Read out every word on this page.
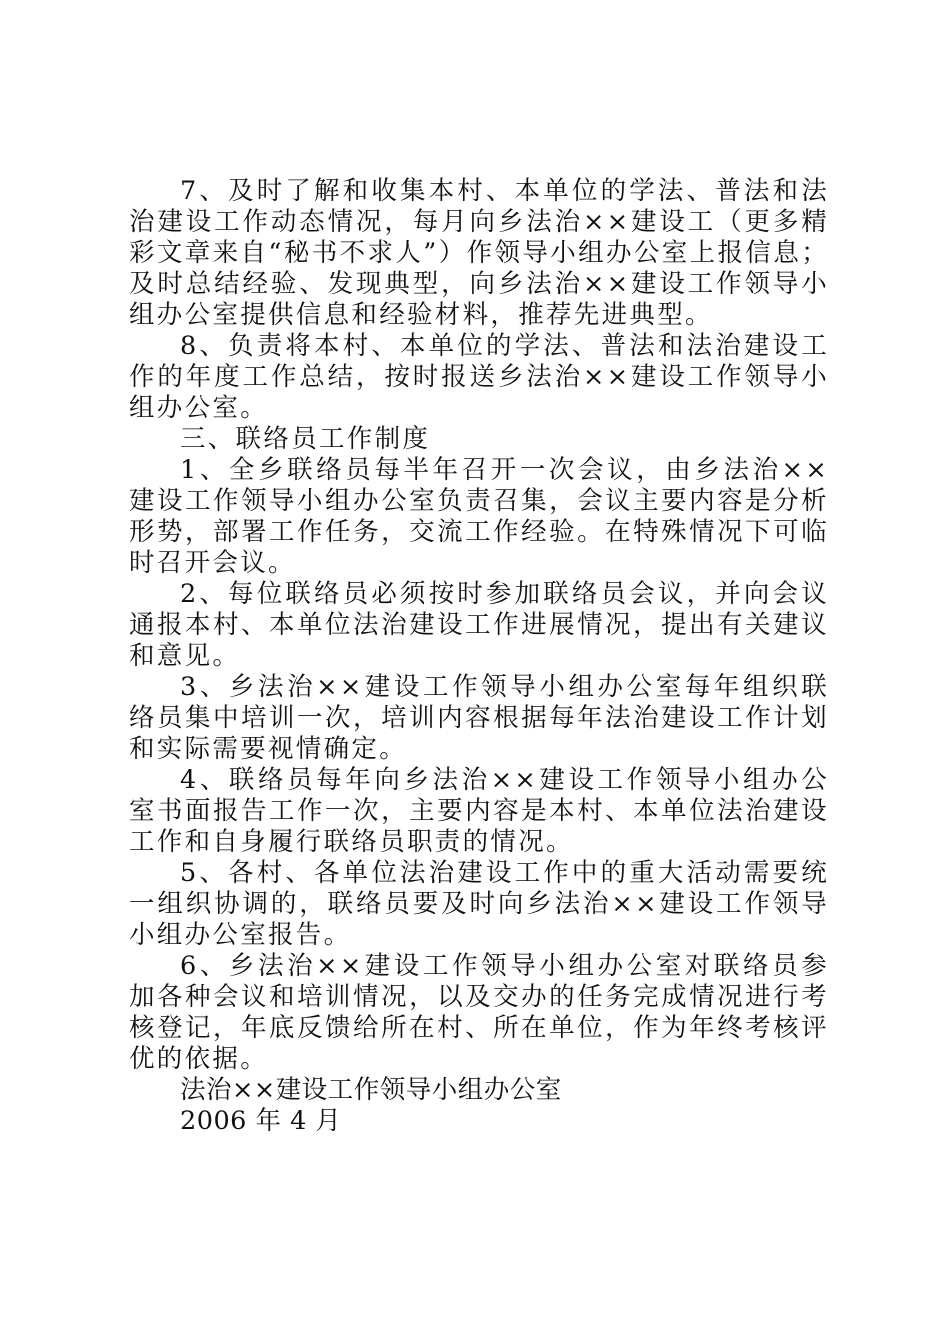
7、及时了解和收集本村、本单位的学法、普法和法治建设工作动态情况，每月向乡法治××建设工（更多精彩文章来自“秘书不求人”）作领导小组办公室上报信息；及时总结经验、发现典型，向乡法治××建设工作领导小组办公室提供信息和经验材料，推荐先进典型。

8、负责将本村、本单位的学法、普法和法治建设工作的年度工作总结，按时报送乡法治××建设工作领导小组办公室。

三、联络员工作制度

1、全乡联络员每半年召开一次会议，由乡法治××建设工作领导小组办公室负责召集，会议主要内容是分析形势，部署工作任务，交流工作经验。在特殊情况下可临时召开会议。

2、每位联络员必须按时参加联络员会议，并向会议通报本村、本单位法治建设工作进展情况，提出有关建议和意见。

3、乡法治××建设工作领导小组办公室每年组织联络员集中培训一次，培训内容根据每年法治建设工作计划和实际需要视情确定。

4、联络员每年向乡法治××建设工作领导小组办公室书面报告工作一次，主要内容是本村、本单位法治建设工作和自身履行联络员职责的情况。

5、各村、各单位法治建设工作中的重大活动需要统一组织协调的，联络员要及时向乡法治××建设工作领导小组办公室报告。

6、乡法治××建设工作领导小组办公室对联络员参加各种会议和培训情况，以及交办的任务完成情况进行考核登记，年底反馈给所在村、所在单位，作为年终考核评优的依据。

法治××建设工作领导小组办公室

2006 年 4 月
